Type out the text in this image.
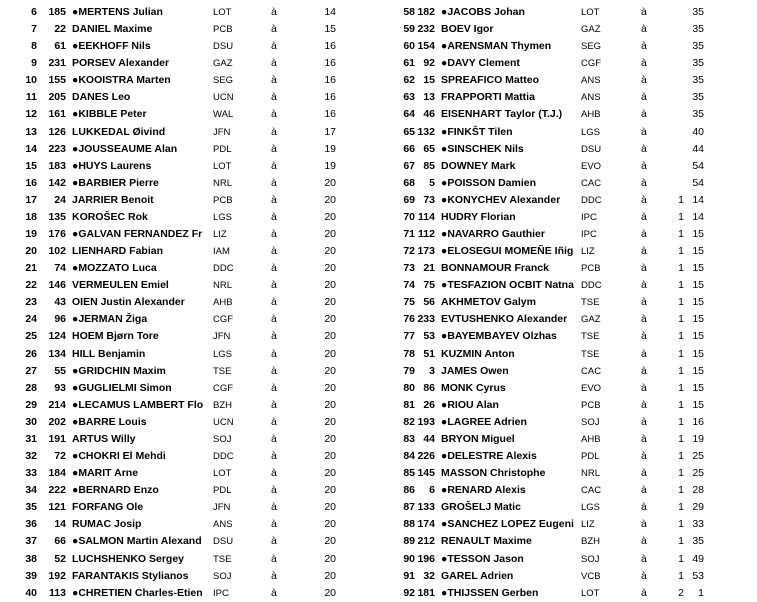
6	185 ●MERTENS Julian	LOT	à	14	58 182 ●JACOBS Johan	LOT	à	35
7	22 DANIEL Maxime	PCB	à	15	59 232 BOEV Igor	GAZ	à	35
8	61 ●EEKHOFF Nils	DSU	à	16	60 154 ●ARENSMAN Thymen	SEG	à	35
9	231 PORSEV Alexander	GAZ	à	16	61 92 ●DAVY Clement	CGF	à	35
10	155 ●KOOISTRA Marten	SEG	à	16	62 15 SPREAFICO Matteo	ANS	à	35
11	205 DANES Leo	UCN	à	16	63 13 FRAPPORTI Mattia	ANS	à	35
12	161 ●KIBBLE Peter	WAL	à	16	64 46 EISENHART Taylor (T.J.)	AHB	à	35
13	126 LUKKEDAL Øivind	JFN	à	17	65 132 ●FINKŠT Tilen	LGS	à	40
14	223 ●JOUSSEAUME Alan	PDL	à	19	66 65 ●SINSCHEK Nils	DSU	à	44
15	183 ●HUYS Laurens	LOT	à	19	67 85 DOWNEY Mark	EVO	à	54
16	142 ●BARBIER Pierre	NRL	à	20	68	5 ●POISSON Damien	CAC	à	54
17	24 JARRIER Benoit	PCB	à	20	69 73 ●KONYCHEV Alexander	DDC	à	1 14
18	135 KOROŠEC Rok	LGS	à	20	70 114 HUDRY Florian	IPC	à	1 14
19	176 ●GALVAN FERNANDEZ Fr	LIZ	à	20	71 112 ●NAVARRO Gauthier	IPC	à	1 15
20	102 LIENHARD Fabian	IAM	à	20	72 173 ●ELOSEGUI MOMEÑE Iñig LIZ	à	1 15
21	74 ●MOZZATO Luca	DDC	à	20	73 21 BONNAMOUR Franck	PCB	à	1 15
22	146 VERMEULEN Emiel	NRL	à	20	74 75 ●TESFAZION OCBIT Natna DDC	à	1 15
23	43 OIEN Justin Alexander	AHB	à	20	75 56 AKHMETOV Galym	TSE	à	1 15
24	96 ●JERMAN Žiga	CGF	à	20	76 233 EVTUSHENKO Alexander	GAZ	à	1 15
25	124 HOEM Bjørn Tore	JFN	à	20	77 53 ●BAYEMBAYEV Olzhas	TSE	à	1 15
26	134 HILL Benjamin	LGS	à	20	78 51 KUZMIN Anton	TSE	à	1 15
27	55 ●GRIDCHIN Maxim	TSE	à	20	79	3 JAMES Owen	CAC	à	1 15
28	93 ●GUGLIELMI Simon	CGF	à	20	80 86 MONK Cyrus	EVO	à	1 15
29	214 ●LECAMUS LAMBERT Flo	BZH	à	20	81 26 ●RIOU Alan	PCB	à	1 15
30	202 ●BARRE Louis	UCN	à	20	82 193 ●LAGREE Adrien	SOJ	à	1 16
31	191 ARTUS Willy	SOJ	à	20	83 44 BRYON Miguel	AHB	à	1 19
32	72 ●CHOKRI El Mehdi	DDC	à	20	84 226 ●DELESTRE Alexis	PDL	à	1 25
33	184 ●MARIT Arne	LOT	à	20	85 145 MASSON Christophe	NRL	à	1 25
34	222 ●BERNARD Enzo	PDL	à	20	86	6 ●RENARD Alexis	CAC	à	1 28
35	121 FORFANG Ole	JFN	à	20	87 133 GROŠELJ Matic	LGS	à	1 29
36	14 RUMAC Josip	ANS	à	20	88 174 ●SANCHEZ LOPEZ Eugeni LIZ	à	1 33
37	66 ●SALMON Martin Alexand	DSU	à	20	89 212 RENAULT Maxime	BZH	à	1 35
38	52 LUCHSHENKO Sergey	TSE	à	20	90 196 ●TESSON Jason	SOJ	à	1 49
39	192 FARANTAKIS Stylianos	SOJ	à	20	91 32 GAREL Adrien	VCB	à	1 53
40	113 ●CHRETIEN Charles-Etien	IPC	à	20	92 181 ●THIJSSEN Gerben	LOT	à	2	1
